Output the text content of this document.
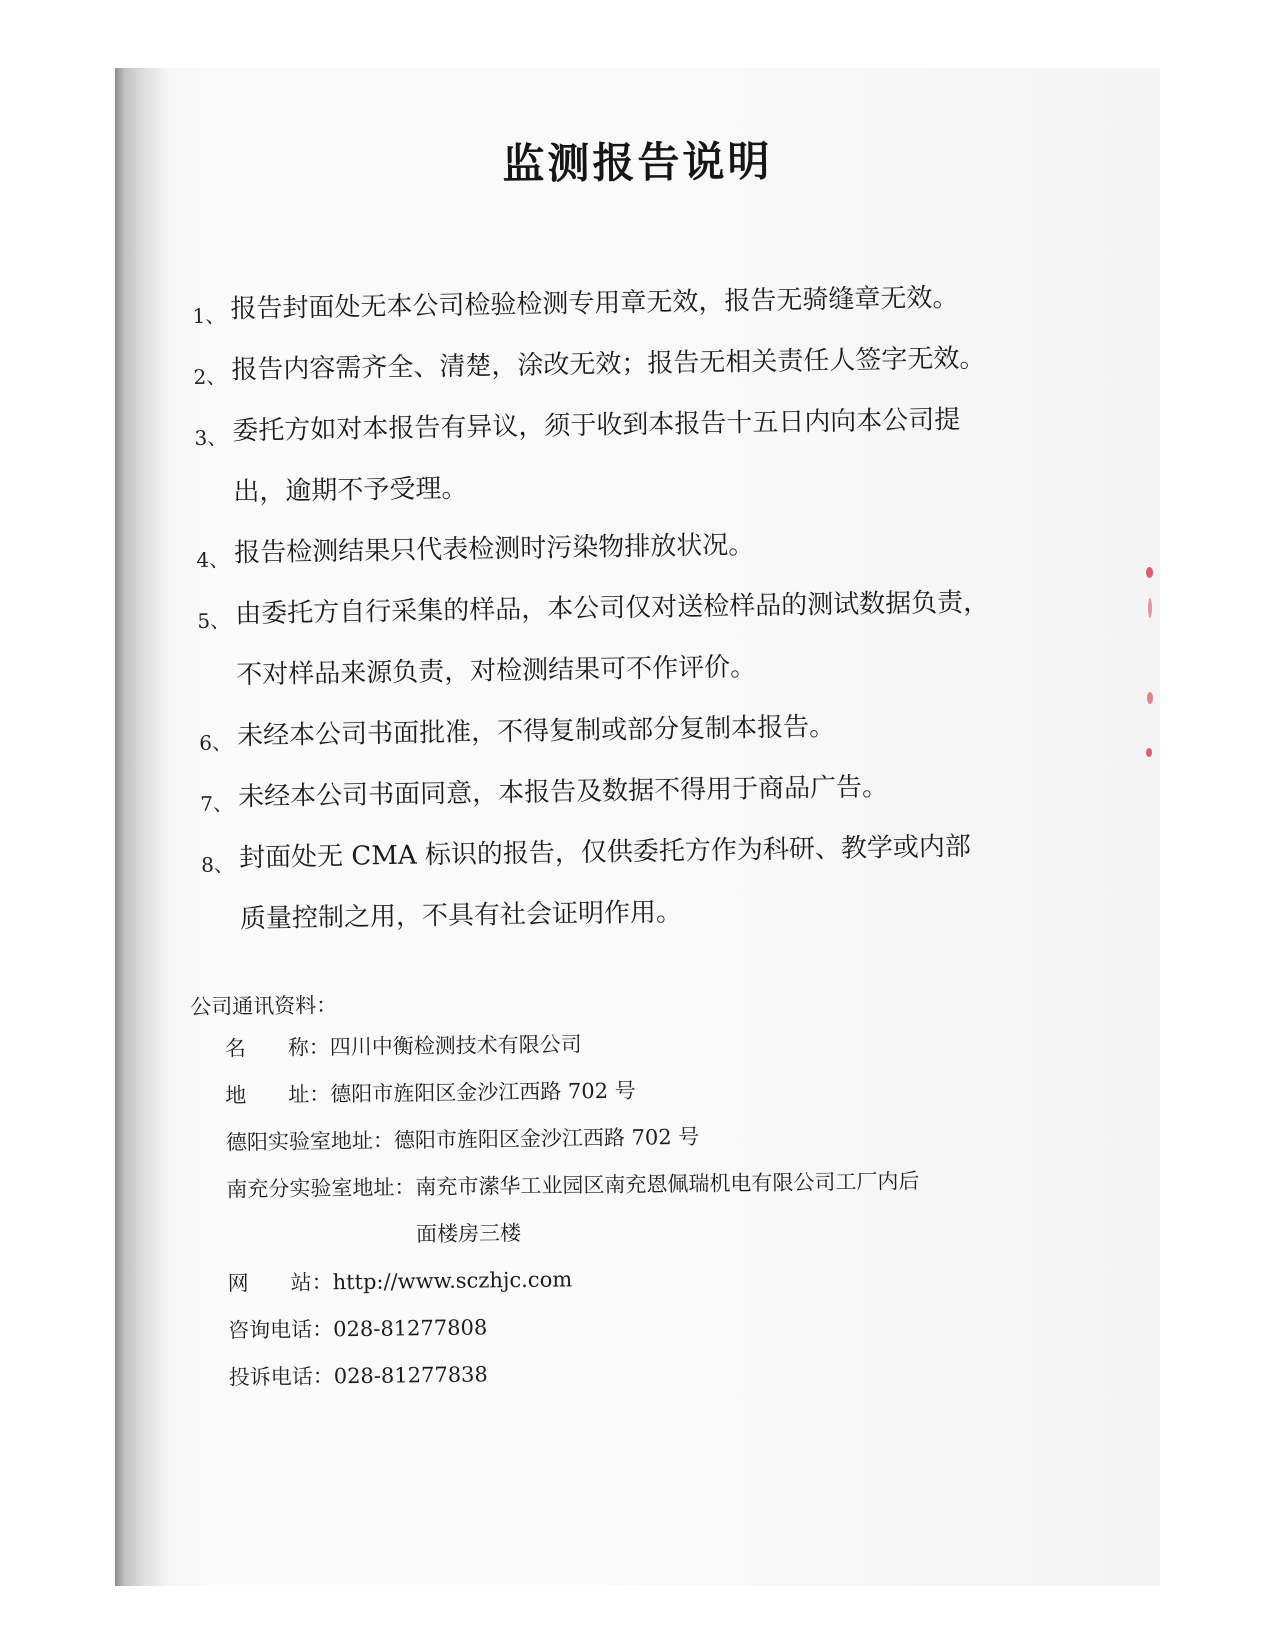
监测报告说明
1、 报告封面处无本公司检验检测专用章无效，报告无骑缝章无效。
2、 报告内容需齐全、清楚，涂改无效；报告无相关责任人签字无效。
3、 委托方如对本报告有异议，须于收到本报告十五日内向本公司提
出，逾期不予受理。
4、 报告检测结果只代表检测时污染物排放状况。
5、 由委托方自行采集的样品，本公司仅对送检样品的测试数据负责，
不对样品来源负责，对检测结果可不作评价。
6、 未经本公司书面批准，不得复制或部分复制本报告。
7、 未经本公司书面同意，本报告及数据不得用于商品广告。
8、 封面处无 CMA 标识的报告，仅供委托方作为科研、教学或内部
质量控制之用，不具有社会证明作用。
公司通讯资料：
名　　称 ： 四川中衡检测技术有限公司
地　　址 ： 德阳市旌阳区金沙江西路 702 号
德阳实验室地址 ： 德阳市旌阳区金沙江西路 702 号
南充分实验室地址 ： 南充市潆华工业园区南充恩佩瑞机电有限公司工厂内后面楼房三楼
网　　站 ： http://www.sczhjc.com
咨询电话 ： 028-81277808
投诉电话 ： 028-81277838
